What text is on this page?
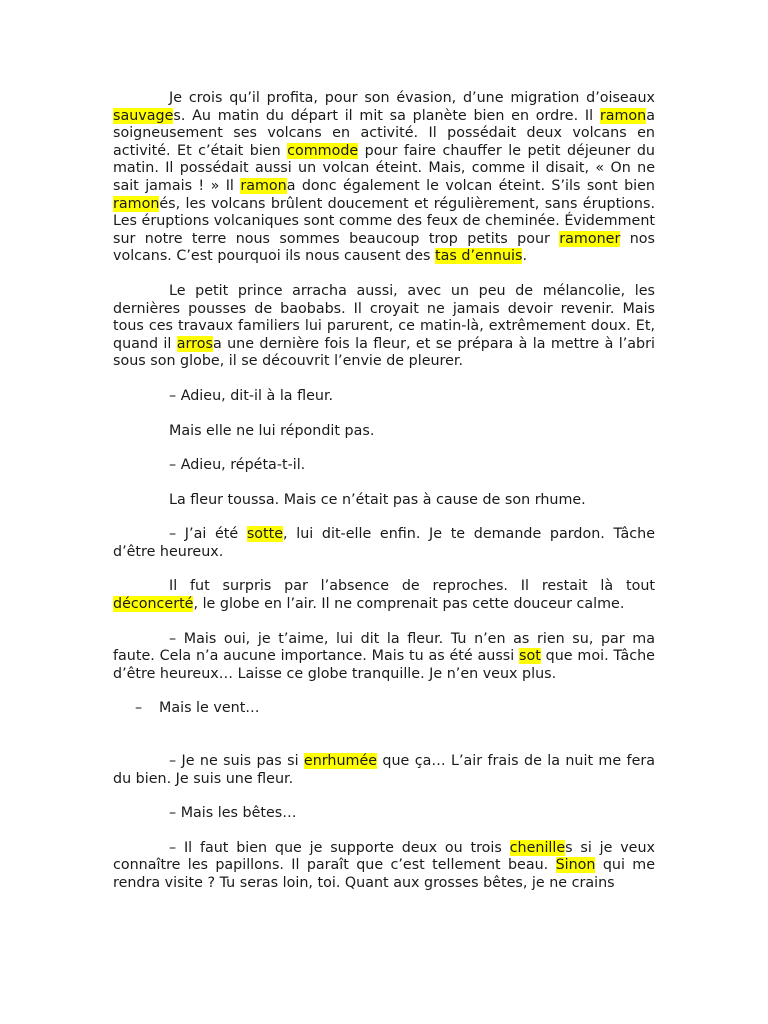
Je crois qu’il profita, pour son évasion, d’une migration d’oiseaux sauvages. Au matin du départ il mit sa planète bien en ordre. Il ramona soigneusement ses volcans en activité. Il possédait deux volcans en activité. Et c’était bien commode pour faire chauffer le petit déjeuner du matin. Il possédait aussi un volcan éteint. Mais, comme il disait, « On ne sait jamais ! » Il ramona donc également le volcan éteint. S’ils sont bien ramonés, les volcans brûlent doucement et régulièrement, sans éruptions. Les éruptions volcaniques sont comme des feux de cheminée. Évidemment sur notre terre nous sommes beaucoup trop petits pour ramoner nos volcans. C’est pourquoi ils nous causent des tas d’ennuis.

Le petit prince arracha aussi, avec un peu de mélancolie, les dernières pousses de baobabs. Il croyait ne jamais devoir revenir. Mais tous ces travaux familiers lui parurent, ce matin-là, extrêmement doux. Et, quand il arrosa une dernière fois la fleur, et se prépara à la mettre à l’abri sous son globe, il se découvrit l’envie de pleurer.

– Adieu, dit-il à la fleur.

Mais elle ne lui répondit pas.

– Adieu, répéta-t-il.

La fleur toussa. Mais ce n’était pas à cause de son rhume.

– J’ai été sotte, lui dit-elle enfin. Je te demande pardon. Tâche d’être heureux.

Il fut surpris par l’absence de reproches. Il restait là tout déconcerté, le globe en l’air. Il ne comprenait pas cette douceur calme.

– Mais oui, je t’aime, lui dit la fleur. Tu n’en as rien su, par ma faute. Cela n’a aucune importance. Mais tu as été aussi sot que moi. Tâche d’être heureux… Laisse ce globe tranquille. Je n’en veux plus.

– Mais le vent…

– Je ne suis pas si enrhumée que ça… L’air frais de la nuit me fera du bien. Je suis une fleur.

– Mais les bêtes…

– Il faut bien que je supporte deux ou trois chenilles si je veux connaître les papillons. Il paraît que c’est tellement beau. Sinon qui me rendra visite ? Tu seras loin, toi. Quant aux grosses bêtes, je ne crains
